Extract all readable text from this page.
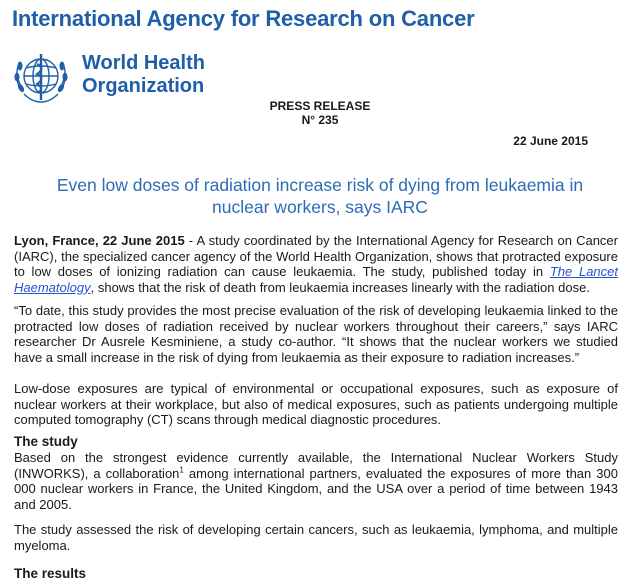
International Agency for Research on Cancer
World Health
Organization
PRESS RELEASE
N° 235
22 June 2015
Even low doses of radiation increase risk of dying from leukaemia in nuclear workers, says IARC
Lyon, France, 22 June 2015 - A study coordinated by the International Agency for Research on Cancer (IARC), the specialized cancer agency of the World Health Organization, shows that protracted exposure to low doses of ionizing radiation can cause leukaemia. The study, published today in The Lancet Haematology, shows that the risk of death from leukaemia increases linearly with the radiation dose.
“To date, this study provides the most precise evaluation of the risk of developing leukaemia linked to the protracted low doses of radiation received by nuclear workers throughout their careers,” says IARC researcher Dr Ausrele Kesminiene, a study co-author. “It shows that the nuclear workers we studied have a small increase in the risk of dying from leukaemia as their exposure to radiation increases.”
Low-dose exposures are typical of environmental or occupational exposures, such as exposure of nuclear workers at their workplace, but also of medical exposures, such as patients undergoing multiple computed tomography (CT) scans through medical diagnostic procedures.
The study
Based on the strongest evidence currently available, the International Nuclear Workers Study (INWORKS), a collaboration$^1$ among international partners, evaluated the exposures of more than 300 000 nuclear workers in France, the United Kingdom, and the USA over a period of time between 1943 and 2005.
The study assessed the risk of developing certain cancers, such as leukaemia, lymphoma, and multiple myeloma.
The results
